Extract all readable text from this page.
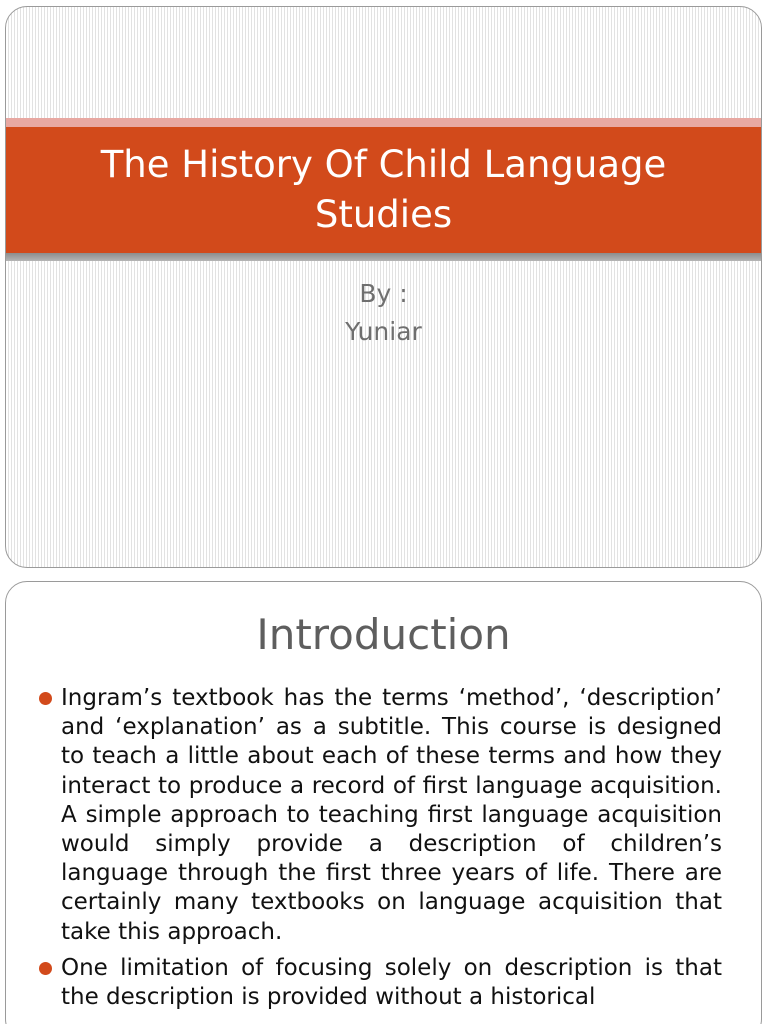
The History Of Child Language Studies
By :
Yuniar
Introduction
Ingram’s textbook has the terms ‘method’, ‘description’ and ‘explanation’ as a subtitle. This course is designed to teach a little about each of these terms and how they interact to produce a record of first language acquisition. A simple approach to teaching first language acquisition would simply provide a description of children’s language through the first three years of life. There are certainly many textbooks on language acquisition that take this approach.
One limitation of focusing solely on description is that the description is provided without a historical
